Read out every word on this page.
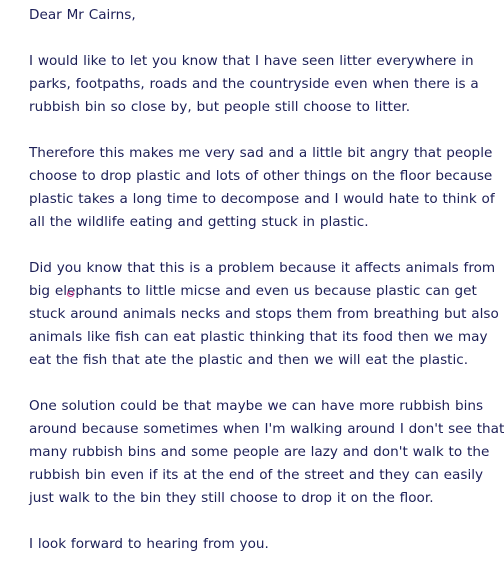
Dear Mr Cairns,

I would like to let you know that I have seen litter everywhere in
parks, footpaths, roads and the countryside even when there is a
rubbish bin so close by, but people still choose to litter.

Therefore this makes me very sad and a little bit angry that people
choose to drop plastic and lots of other things on the floor because
plastic takes a long time to decompose and I would hate to think of
all the wildlife eating and getting stuck in plastic.

Did you know that this is a problem because it affects animals from
big elephants to little micse and even us because plastic can get
stuck around animals necks and stops them from breathing but also
animals like fish can eat plastic thinking that its food then we may
eat the fish that ate the plastic and then we will eat the plastic.

One solution could be that maybe we can have more rubbish bins
around because sometimes when I'm walking around I don't see that
many rubbish bins and some people are lazy and don't walk to the
rubbish bin even if its at the end of the street and they can easily
just walk to the bin they still choose to drop it on the floor.

I look forward to hearing from you.
